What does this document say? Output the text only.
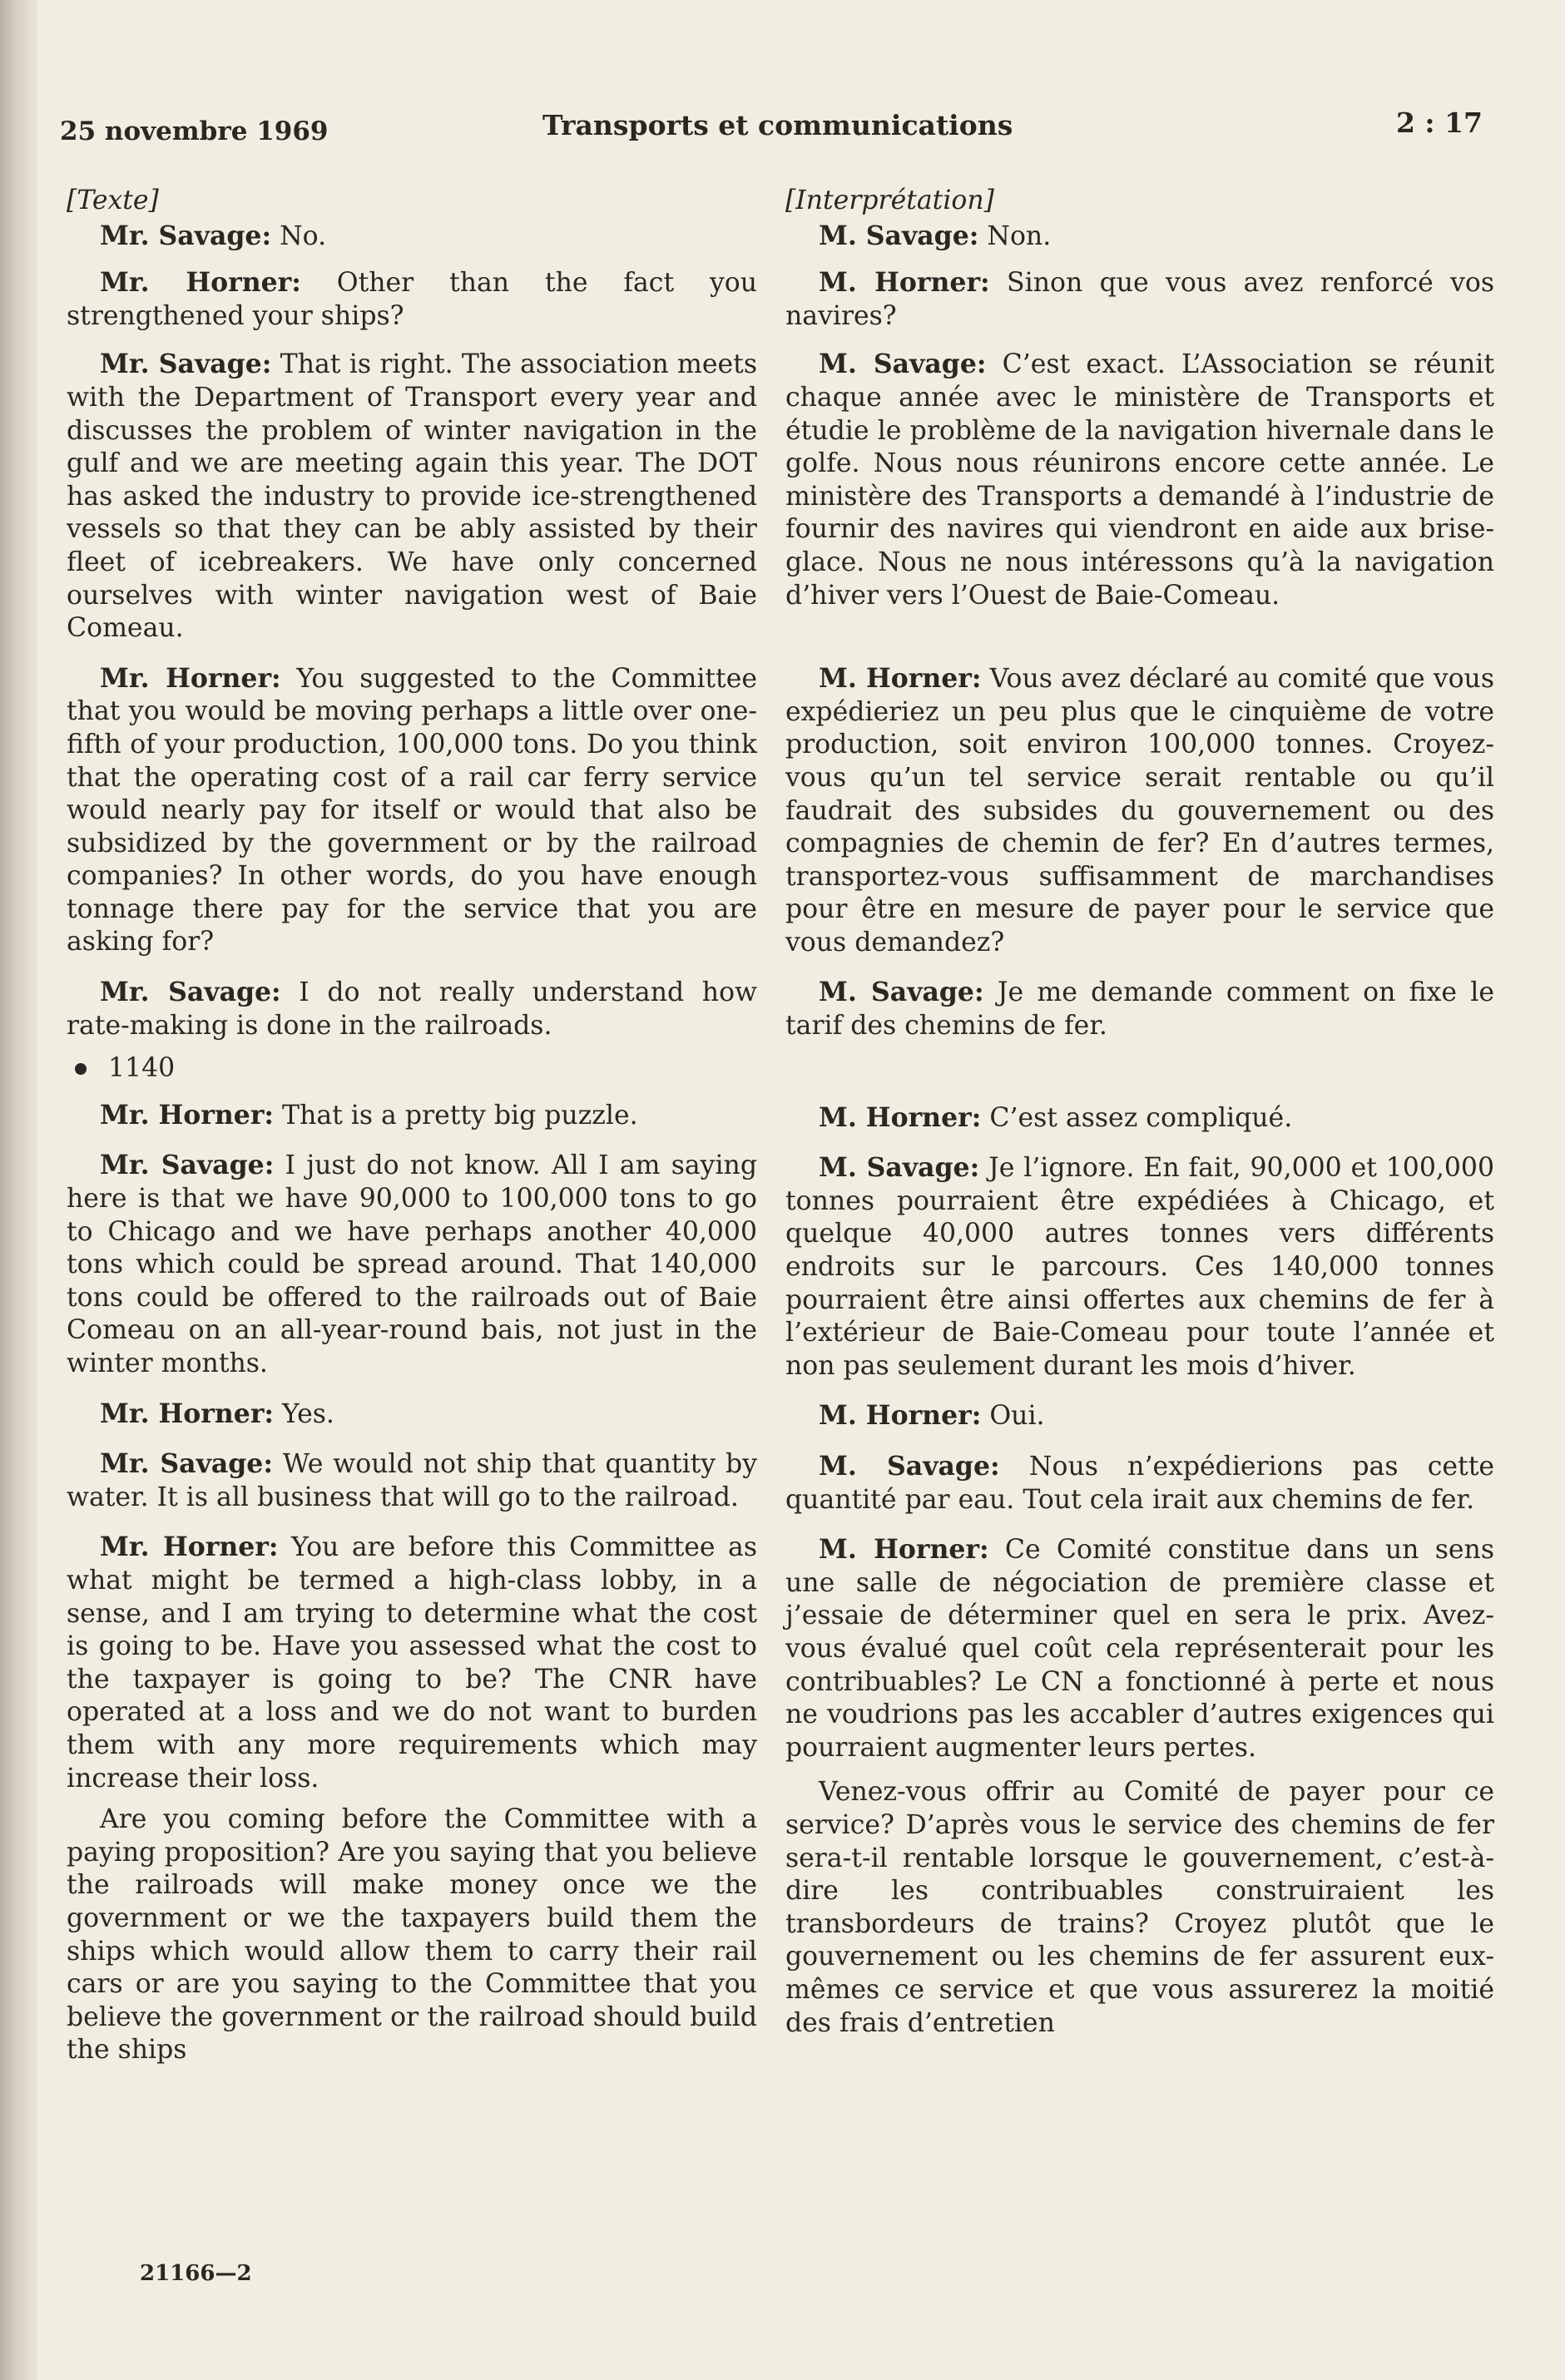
25 novembre 1969	Transports et communications	2 : 17
[Texte]

Mr. Savage: No.

Mr. Horner: Other than the fact you strengthened your ships?

Mr. Savage: That is right. The association meets with the Department of Transport every year and discusses the problem of winter navigation in the gulf and we are meeting again this year. The DOT has asked the industry to provide ice-strengthened vessels so that they can be ably assisted by their fleet of icebreakers. We have only concerned ourselves with winter navigation west of Baie Comeau.

Mr. Horner: You suggested to the Committee that you would be moving perhaps a little over one-fifth of your production, 100,000 tons. Do you think that the operating cost of a rail car ferry service would nearly pay for itself or would that also be subsidized by the government or by the railroad companies? In other words, do you have enough tonnage there pay for the service that you are asking for?

Mr. Savage: I do not really understand how rate-making is done in the railroads.

1140

Mr. Horner: That is a pretty big puzzle.

Mr. Savage: I just do not know. All I am saying here is that we have 90,000 to 100,000 tons to go to Chicago and we have perhaps another 40,000 tons which could be spread around. That 140,000 tons could be offered to the railroads out of Baie Comeau on an all-year-round bais, not just in the winter months.

Mr. Horner: Yes.

Mr. Savage: We would not ship that quantity by water. It is all business that will go to the railroad.

Mr. Horner: You are before this Committee as what might be termed a high-class lobby, in a sense, and I am trying to determine what the cost is going to be. Have you assessed what the cost to the taxpayer is going to be? The CNR have operated at a loss and we do not want to burden them with any more requirements which may increase their loss.

Are you coming before the Committee with a paying proposition? Are you saying that you believe the railroads will make money once we the government or we the taxpayers build them the ships which would allow them to carry their rail cars or are you saying to the Committee that you believe the government or the railroad should build the ships

[Interprétation]

M. Savage: Non.

M. Horner: Sinon que vous avez renforcé vos navires?

M. Savage: C’est exact. L’Association se réunit chaque année avec le ministère de Transports et étudie le problème de la navigation hivernale dans le golfe. Nous nous réunirons encore cette année. Le ministère des Transports a demandé à l’industrie de fournir des navires qui viendront en aide aux brise-glace. Nous ne nous intéressons qu’à la navigation d’hiver vers l’Ouest de Baie-Comeau.

M. Horner: Vous avez déclaré au comité que vous expédieriez un peu plus que le cinquième de votre production, soit environ 100,000 tonnes. Croyez-vous qu’un tel service serait rentable ou qu’il faudrait des subsides du gouvernement ou des compagnies de chemin de fer? En d’autres termes, transportez-vous suffisamment de marchandises pour être en mesure de payer pour le service que vous demandez?

M. Savage: Je me demande comment on fixe le tarif des chemins de fer.

M. Horner: C’est assez compliqué.

M. Savage: Je l’ignore. En fait, 90,000 et 100,000 tonnes pourraient être expédiées à Chicago, et quelque 40,000 autres tonnes vers différents endroits sur le parcours. Ces 140,000 tonnes pourraient être ainsi offertes aux chemins de fer à l’extérieur de Baie-Comeau pour toute l’année et non pas seulement durant les mois d’hiver.

M. Horner: Oui.

M. Savage: Nous n’expédierions pas cette quantité par eau. Tout cela irait aux chemins de fer.

M. Horner: Ce Comité constitue dans un sens une salle de négociation de première classe et j’essaie de déterminer quel en sera le prix. Avez-vous évalué quel coût cela représenterait pour les contribuables? Le CN a fonctionné à perte et nous ne voudrions pas les accabler d’autres exigences qui pourraient augmenter leurs pertes.

Venez-vous offrir au Comité de payer pour ce service? D’après vous le service des chemins de fer sera-t-il rentable lorsque le gouvernement, c’est-à-dire les contribuables construiraient les transbordeurs de trains? Croyez plutôt que le gouvernement ou les chemins de fer assurent eux-mêmes ce service et que vous assurerez la moitié des frais d’entretien

21166—2
